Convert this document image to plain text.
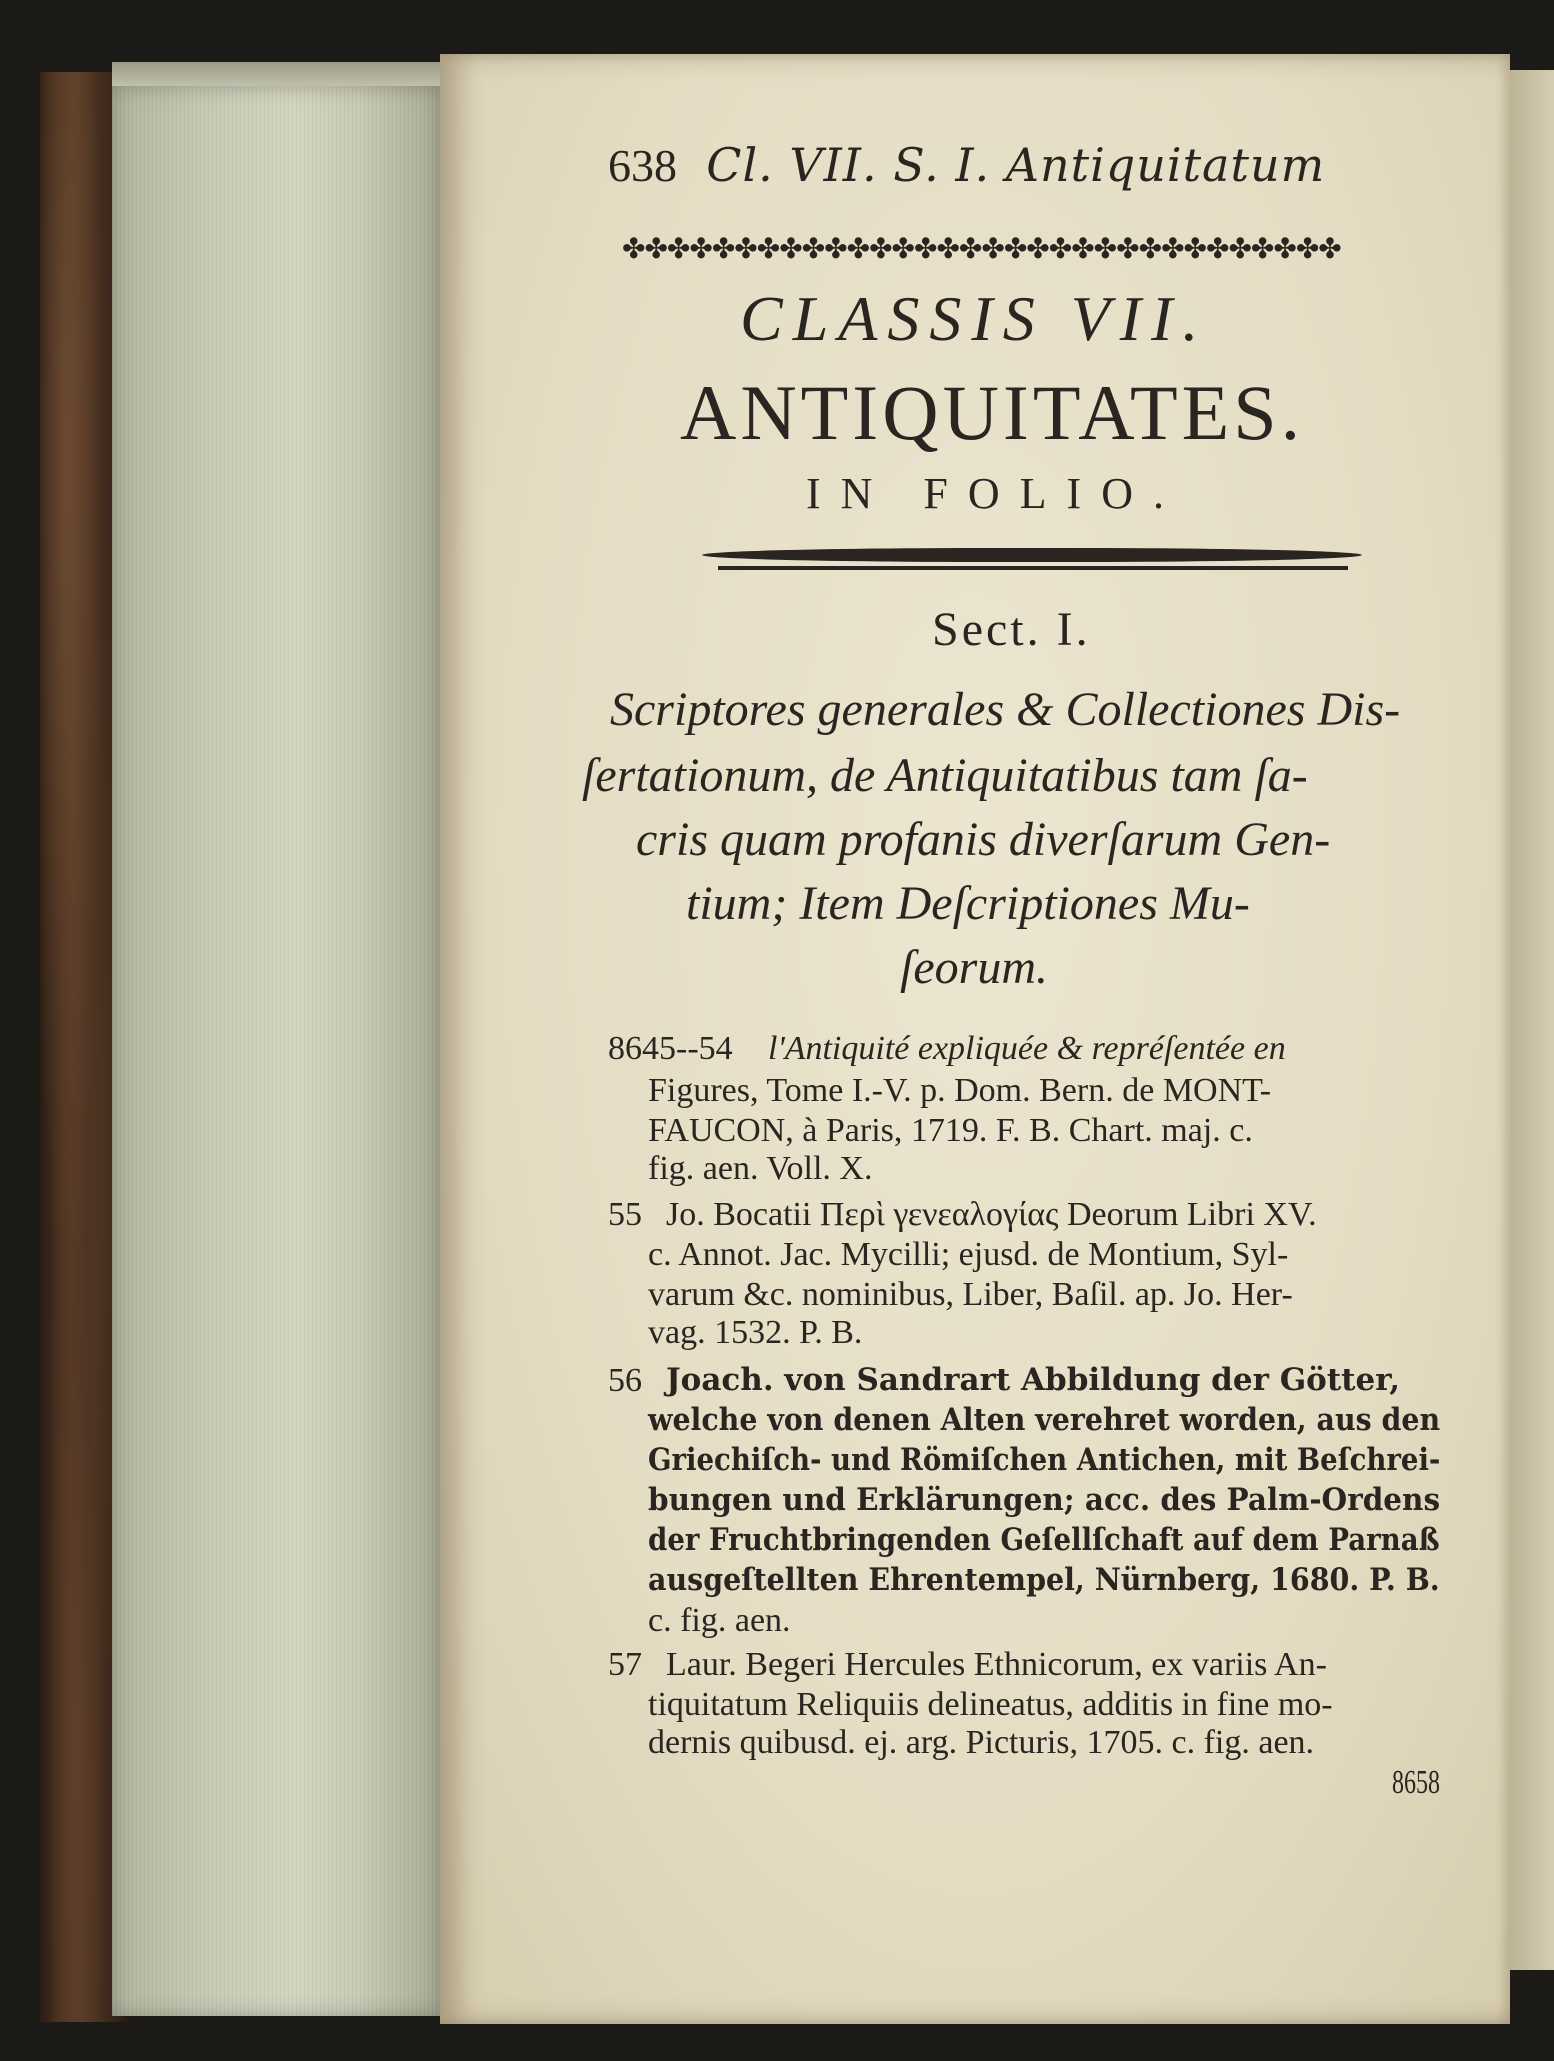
638 Cl. VII. S. I. Antiquitatum
✤✤✤✤✤✤✤✤✤✤✤✤✤✤✤✤✤✤✤✤✤✤✤✤✤✤✤✤✤✤✤✤
CLASSIS VII.
ANTIQUITATES.
IN FOLIO.
Sect. I.
Scriptores generales & Collectiones Dis-
ſertationum, de Antiquitatibus tam ſa-
cris quam profanis diverſarum Gen-
tium; Item Deſcriptiones Mu-
ſeorum.
8645--54 l'Antiquité expliquée & repréſentée en
Figures, Tome I.-V. p. Dom. Bern. de MONT-
FAUCON, à Paris, 1719. F. B. Chart. maj. c.
fig. aen. Voll. X.
55 Jo. Bocatii Περὶ γενεαλογίας Deorum Libri XV.
c. Annot. Jac. Mycilli; ejusd. de Montium, Syl-
varum &c. nominibus, Liber, Baſil. ap. Jo. Her-
vag. 1532. P. B.
56 Joach. von Sandrart Abbildung der Götter,
welche von denen Alten verehret worden, aus den
Griechiſch- und Römiſchen Antichen, mit Beſchrei-
bungen und Erklärungen; acc. des Palm-Ordens
der Fruchtbringenden Geſellſchaft auf dem Parnaß
ausgeſtellten Ehrentempel, Nürnberg, 1680. P. B.
c. fig. aen.
57 Laur. Begeri Hercules Ethnicorum, ex variis An-
tiquitatum Reliquiis delineatus, additis in fine mo-
dernis quibusd. ej. arg. Picturis, 1705. c. fig. aen.
8658
